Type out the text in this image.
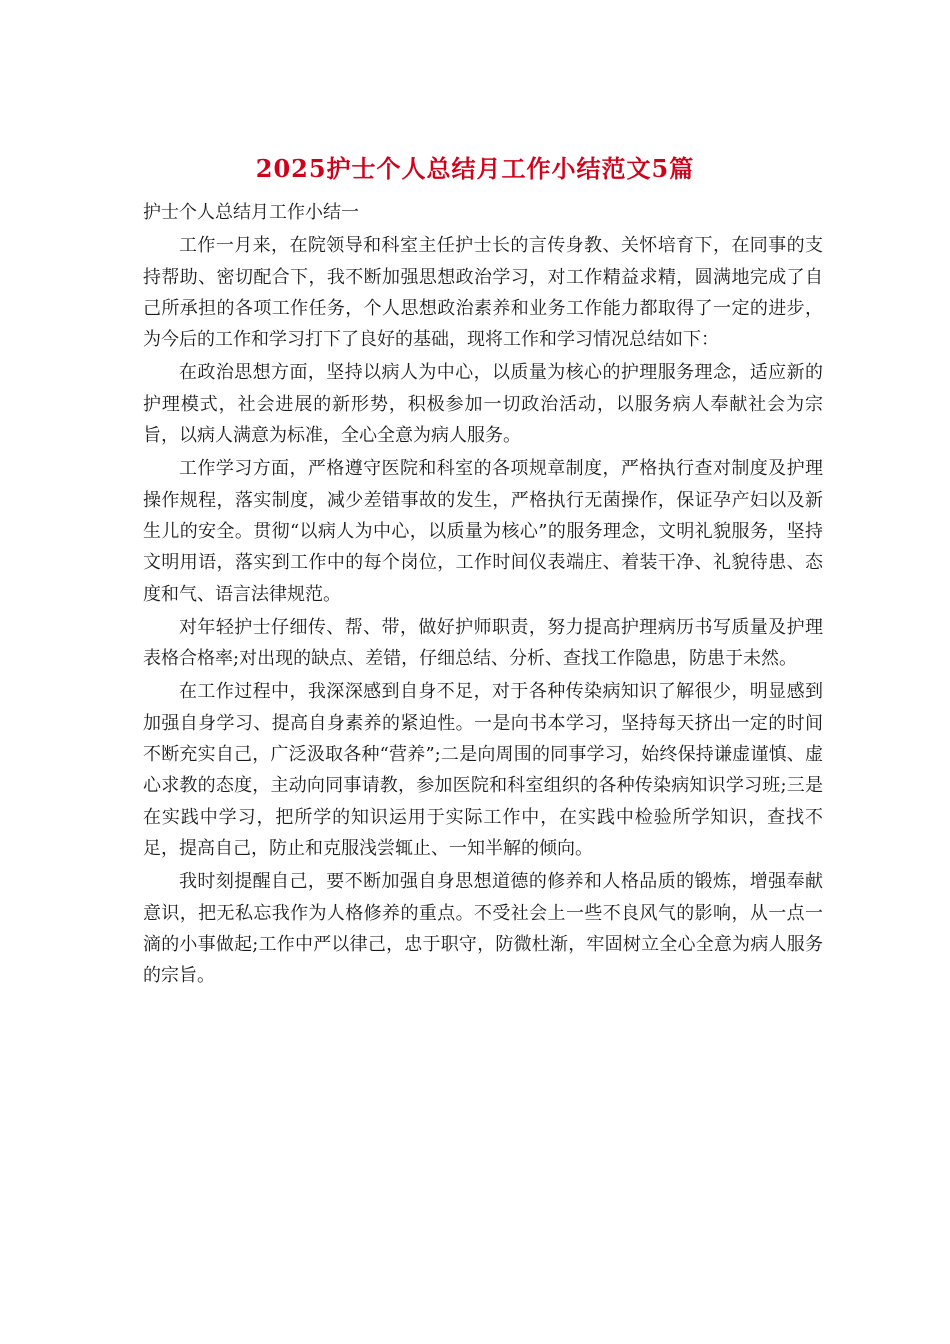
2025护士个人总结月工作小结范文5篇

护士个人总结月工作小结一

工作一月来，在院领导和科室主任护士长的言传身教、关怀培育下，在同事的支持帮助、密切配合下，我不断加强思想政治学习，对工作精益求精，圆满地完成了自己所承担的各项工作任务，个人思想政治素养和业务工作能力都取得了一定的进步，为今后的工作和学习打下了良好的基础，现将工作和学习情况总结如下：

在政治思想方面，坚持以病人为中心，以质量为核心的护理服务理念，适应新的护理模式，社会进展的新形势，积极参加一切政治活动，以服务病人奉献社会为宗旨，以病人满意为标准，全心全意为病人服务。

工作学习方面，严格遵守医院和科室的各项规章制度，严格执行查对制度及护理操作规程，落实制度，减少差错事故的发生，严格执行无菌操作，保证孕产妇以及新生儿的安全。贯彻“以病人为中心，以质量为核心”的服务理念，文明礼貌服务，坚持文明用语，落实到工作中的每个岗位，工作时间仪表端庄、着装干净、礼貌待患、态度和气、语言法律规范。

对年轻护士仔细传、帮、带，做好护师职责，努力提高护理病历书写质量及护理表格合格率;对出现的缺点、差错，仔细总结、分析、查找工作隐患，防患于未然。

在工作过程中，我深深感到自身不足，对于各种传染病知识了解很少，明显感到加强自身学习、提高自身素养的紧迫性。一是向书本学习，坚持每天挤出一定的时间不断充实自己，广泛汲取各种“营养”;二是向周围的同事学习，始终保持谦虚谨慎、虚心求教的态度，主动向同事请教，参加医院和科室组织的各种传染病知识学习班;三是在实践中学习，把所学的知识运用于实际工作中，在实践中检验所学知识，查找不足，提高自己，防止和克服浅尝辄止、一知半解的倾向。

我时刻提醒自己，要不断加强自身思想道德的修养和人格品质的锻炼，增强奉献意识，把无私忘我作为人格修养的重点。不受社会上一些不良风气的影响，从一点一滴的小事做起;工作中严以律己，忠于职守，防微杜渐，牢固树立全心全意为病人服务的宗旨。
